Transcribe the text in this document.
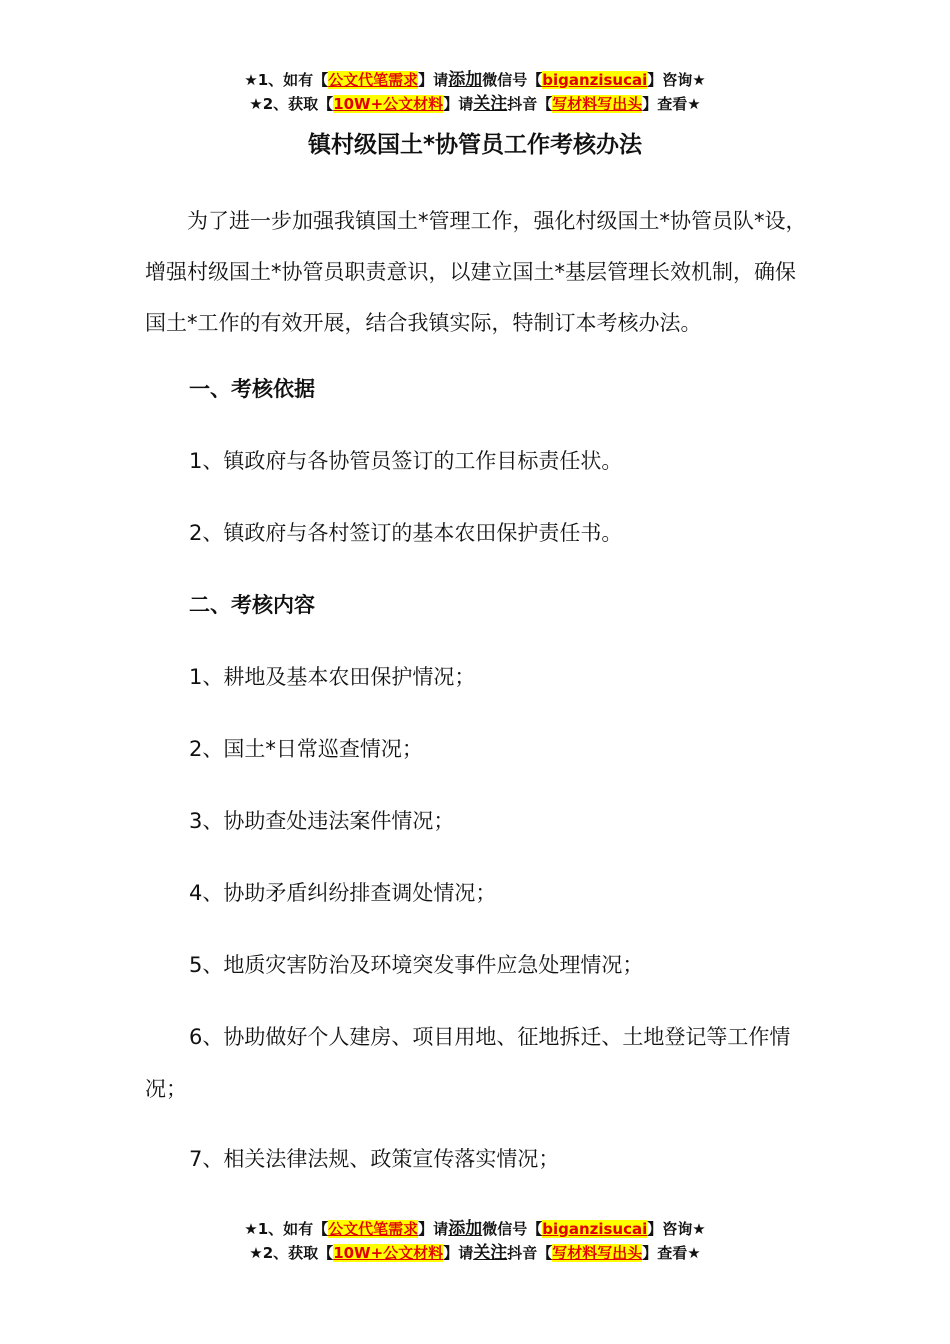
★1、如有【公文代笔需求】请添加微信号【biganzisucai】咨询★
★2、获取【10W+公文材料】请关注抖音【写材料写出头】查看★
镇村级国土*协管员工作考核办法
为了进一步加强我镇国土*管理工作，强化村级国土*协管员队*设，增强村级国土*协管员职责意识，以建立国土*基层管理长效机制，确保国土*工作的有效开展，结合我镇实际，特制订本考核办法。
一、考核依据
1、镇政府与各协管员签订的工作目标责任状。
2、镇政府与各村签订的基本农田保护责任书。
二、考核内容
1、耕地及基本农田保护情况；
2、国土*日常巡查情况；
3、协助查处违法案件情况；
4、协助矛盾纠纷排查调处情况；
5、地质灾害防治及环境突发事件应急处理情况；
6、协助做好个人建房、项目用地、征地拆迁、土地登记等工作情况；
7、相关法律法规、政策宣传落实情况；
★1、如有【公文代笔需求】请添加微信号【biganzisucai】咨询★
★2、获取【10W+公文材料】请关注抖音【写材料写出头】查看★
